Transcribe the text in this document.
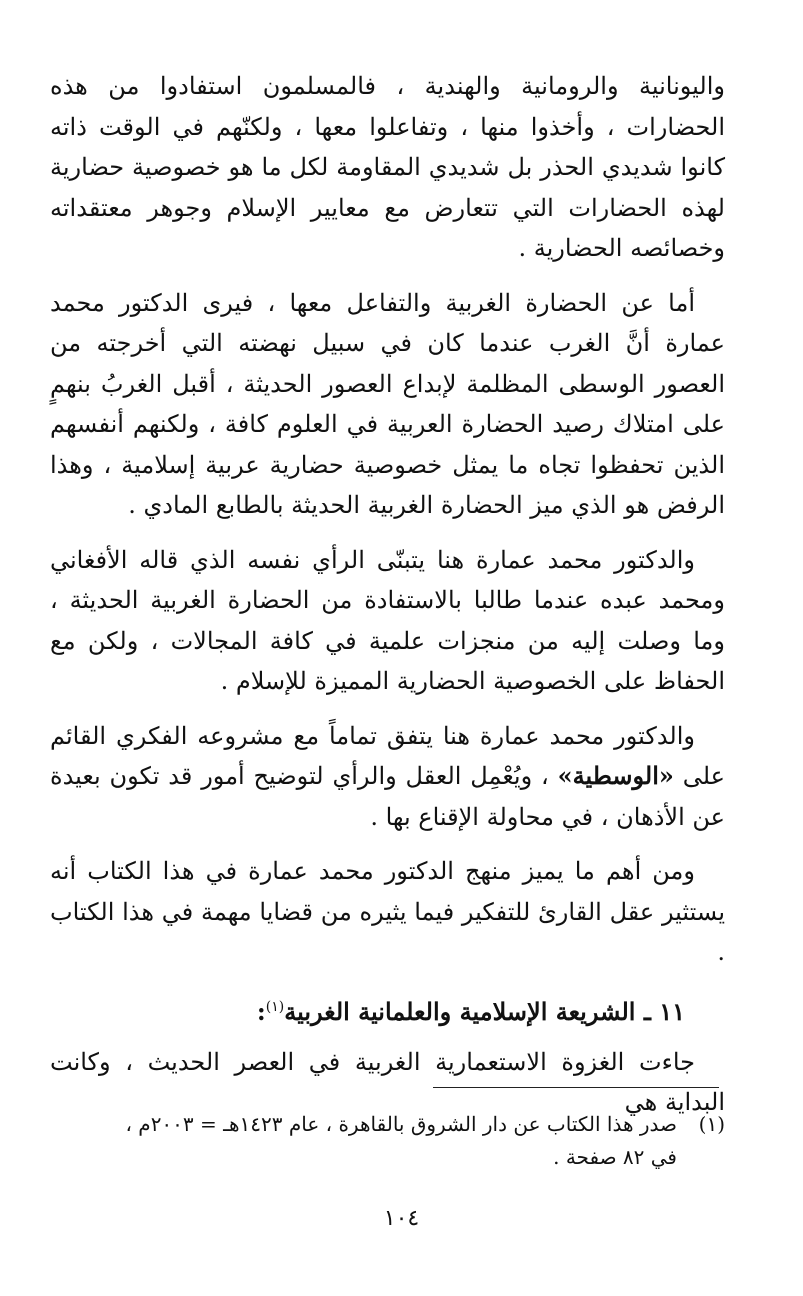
واليونانية والرومانية والهندية ، فالمسلمون استفادوا من هذه الحضارات ، وأخذوا منها ، وتفاعلوا معها ، ولكنّهم في الوقت ذاته كانوا شديدي الحذر بل شديدي المقاومة لكل ما هو خصوصية حضارية لهذه الحضارات التي تتعارض مع معايير الإسلام وجوهر معتقداته وخصائصه الحضارية .

أما عن الحضارة الغربية والتفاعل معها ، فيرى الدكتور محمد عمارة أنَّ الغرب عندما كان في سبيل نهضته التي أخرجته من العصور الوسطى المظلمة لإبداع العصور الحديثة ، أقبل الغربُ بنهمٍ على امتلاك رصيد الحضارة العربية في العلوم كافة ، ولكنهم أنفسهم الذين تحفظوا تجاه ما يمثل خصوصية حضارية عربية إسلامية ، وهذا الرفض هو الذي ميز الحضارة الغربية الحديثة بالطابع المادي .

والدكتور محمد عمارة هنا يتبنّى الرأي نفسه الذي قاله الأفغاني ومحمد عبده عندما طالبا بالاستفادة من الحضارة الغربية الحديثة ، وما وصلت إليه من منجزات علمية في كافة المجالات ، ولكن مع الحفاظ على الخصوصية الحضارية المميزة للإسلام .

والدكتور محمد عمارة هنا يتفق تماماً مع مشروعه الفكري القائم على «الوسطية» ، ويُعْمِل العقل والرأي لتوضيح أمور قد تكون بعيدة عن الأذهان ، في محاولة الإقناع بها .

ومن أهم ما يميز منهج الدكتور محمد عمارة في هذا الكتاب أنه يستثير عقل القارئ للتفكير فيما يثيره من قضايا مهمة في هذا الكتاب .

١١ ـ الشريعة الإسلامية والعلمانية الغربية$^{(١)}$:

جاءت الغزوة الاستعمارية الغربية في العصر الحديث ، وكانت البداية هي

(١)صدر هذا الكتاب عن دار الشروق بالقاهرة ، عام ١٤٢٣هـ = ٢٠٠٣م ،
في ٨٢ صفحة .
١٠٤
